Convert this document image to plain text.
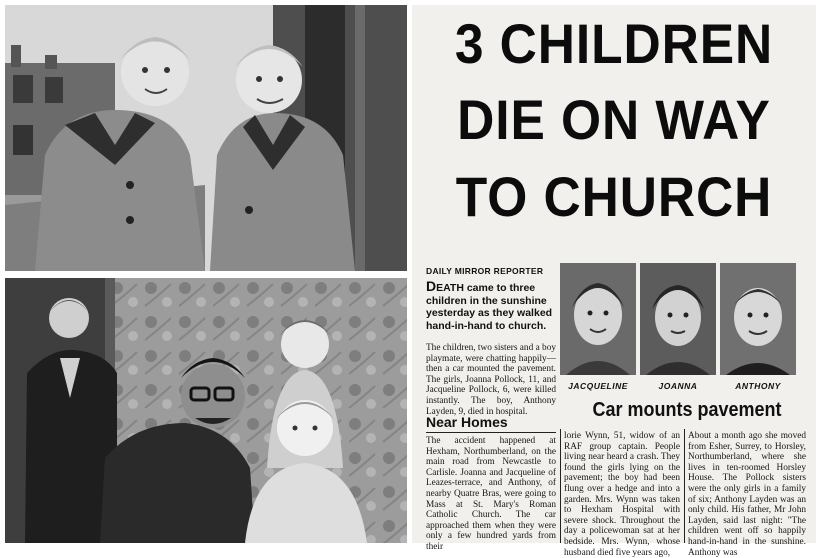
3 CHILDREN
DIE ON WAY
TO CHURCH
DAILY MIRROR REPORTER
DEATH came to three children in the sunshine yesterday as they walked hand-in-hand to church.
The children, two sisters and a boy playmate, were chatting happily—then a car mounted the pavement. The girls, Joanna Pollock, 11, and Jacqueline Pollock, 6, were killed instantly. The boy, Anthony Layden, 9, died in hospital.
Near Homes
The accident happened at Hexham, Northumberland, on the main road from Newcastle to Carlisle. Joanna and Jacqueline of Leazes-terrace, and Anthony, of nearby Quatre Bras, were going to Mass at St. Mary's Roman Catholic Church. The car approached them when they were only a few hundred yards from their
JACQUELINE	JOANNA	ANTHONY
Car mounts pavement
lorie Wynn, 51, widow of an RAF group captain. People living near heard a crash. They found the girls lying on the pavement; the boy had been flung over a hedge and into a garden. Mrs. Wynn was taken to Hexham Hospital with severe shock. Throughout the day a policewoman sat at her bedside. Mrs. Wynn, whose husband died five years ago,
About a month ago she moved from Esher, Surrey, to Horsley, Northumberland, where she lives in ten-roomed Horsley House. The Pollock sisters were the only girls in a family of six; Anthony Layden was an only child. His father, Mr John Layden, said last night: "The children went off so happily hand-in-hand in the sunshine. Anthony was
